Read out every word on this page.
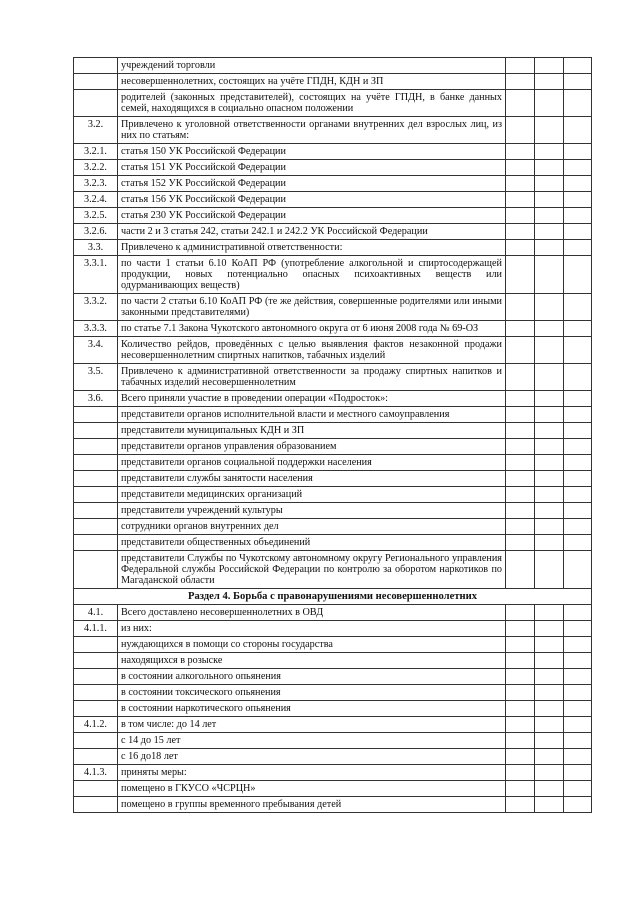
	учреждений торговли			
	несовершеннолетних, состоящих на учёте ГПДН, КДН и ЗП			
	родителей (законных представителей), состоящих на учёте ГПДН, в банке данных семей, находящихся в социально опасном положении			
3.2.	Привлечено к уголовной ответственности органами внутренних дел взрослых лиц, из них по статьям:			
3.2.1.	статья 150 УК Российской Федерации			
3.2.2.	статья 151 УК Российской Федерации			
3.2.3.	статья 152 УК Российской Федерации			
3.2.4.	статья 156 УК Российской Федерации			
3.2.5.	статья 230 УК Российской Федерации			
3.2.6.	части 2 и 3 статья 242, статьи 242.1 и 242.2 УК Российской Федерации			
3.3.	Привлечено к административной ответственности:			
3.3.1.	по части 1 статьи 6.10 КоАП РФ (употребление алкогольной и спиртосодержащей продукции, новых потенциально опасных психоактивных веществ или одурманивающих веществ)			
3.3.2.	по части 2 статьи 6.10 КоАП РФ (те же действия, совершенные родителями или иными законными представителями)			
3.3.3.	по статье 7.1 Закона Чукотского автономного округа от 6 июня 2008 года № 69-ОЗ			
3.4.	Количество рейдов, проведённых с целью выявления фактов незаконной продажи несовершеннолетним спиртных напитков, табачных изделий			
3.5.	Привлечено к административной ответственности за продажу спиртных напитков и табачных изделий несовершеннолетним			
3.6.	Всего приняли участие в проведении операции «Подросток»:			
	представители органов исполнительной власти и местного самоуправления			
	представители муниципальных КДН и ЗП			
	представители органов управления образованием			
	представители органов социальной поддержки населения			
	представители службы занятости населения			
	представители медицинских организаций			
	представители учреждений культуры			
	сотрудники органов внутренних дел			
	представители общественных объединений			
	представители Службы по Чукотскому автономному округу Регионального управления Федеральной службы Российской Федерации по контролю за оборотом наркотиков по Магаданской области			
Раздел 4. Борьба с правонарушениями несовершеннолетних				
4.1.	Всего доставлено несовершеннолетних в ОВД			
4.1.1.	из них:			
	нуждающихся в помощи со стороны государства			
	находящихся в розыске			
	в состоянии алкогольного опьянения			
	в состоянии токсического опьянения			
	в состоянии наркотического опьянения			
4.1.2.	в том числе: до 14 лет			
	с 14 до 15 лет			
	с 16 до18 лет			
4.1.3.	приняты меры:			
	помещено в ГКУСО «ЧСРЦН»			
	помещено в группы временного пребывания детей			
